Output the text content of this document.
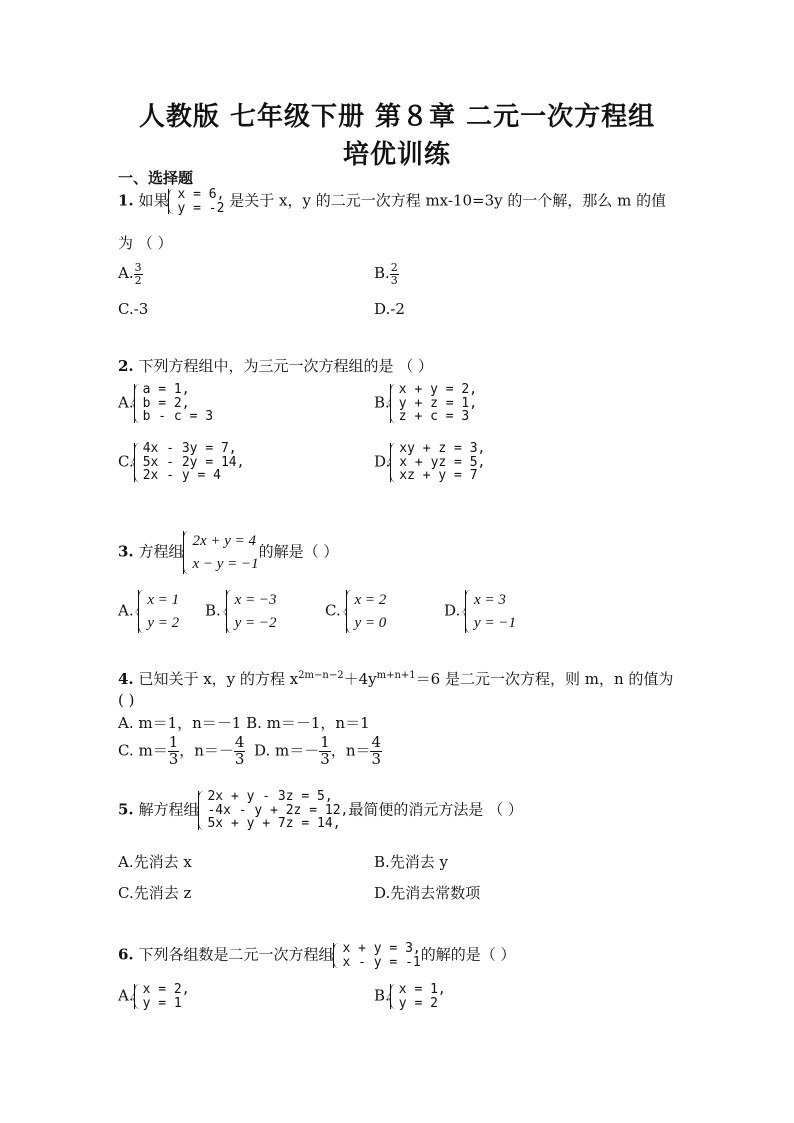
人教版 七年级下册 第８章 二元一次方程组
培优训练
一、选择题
1. 如果 x = 6,
y = -2 是关于 x，y 的二元一次方程 mx-10=3y 的一个解，那么 m 的值
为 （ ）
A. $\frac{3}{2}$	B. $\frac{2}{3}$
C.-3	D.-2
2. 下列方程组中，为三元一次方程组的是 （ ）
A.
a = 1,
b = 2,
b - c = 3
B.
x + y = 2,
y + z = 1,
z + c = 3
C.
4x - 3y = 7,
5x - 2y = 14,
2x - y = 4
D.
xy + z = 3,
x + yz = 5,
xz + y = 7
3. 方程组
2x + y = 4
x − y = −1
的解是（ ）
A.
x = 1
y = 2
B.
x = −3
y = −2
C.
x = 2
y = 0
D.
x = 3
y = −1
4. 已知关于 x，y 的方程 $x^{2m-n-2}+4y^{m+n+1}=6$ 是二元一次方程，则 m，n 的值为
( )
A. m＝1，n＝－1 B. m＝－1，n＝1
C. $m= \frac{1}{3}$ ，$n=- \frac{4}{3} D$. $m=- \frac{1}{3}$ ，$n= \frac{4}{3}$
5. 解方程组
2x + y - 3z = 5,
-4x - y + 2z = 12,
5x + y + 7z = 14,
最简便的消元方法是 （ ）
A.先消去 x	B.先消去 y
C.先消去 z	D.先消去常数项
6. 下列各组数是二元一次方程组 x + y = 3,
x - y = -1 的解的是（ ）
A. x = 2,
y = 1	B. x = 1,
y = 2
